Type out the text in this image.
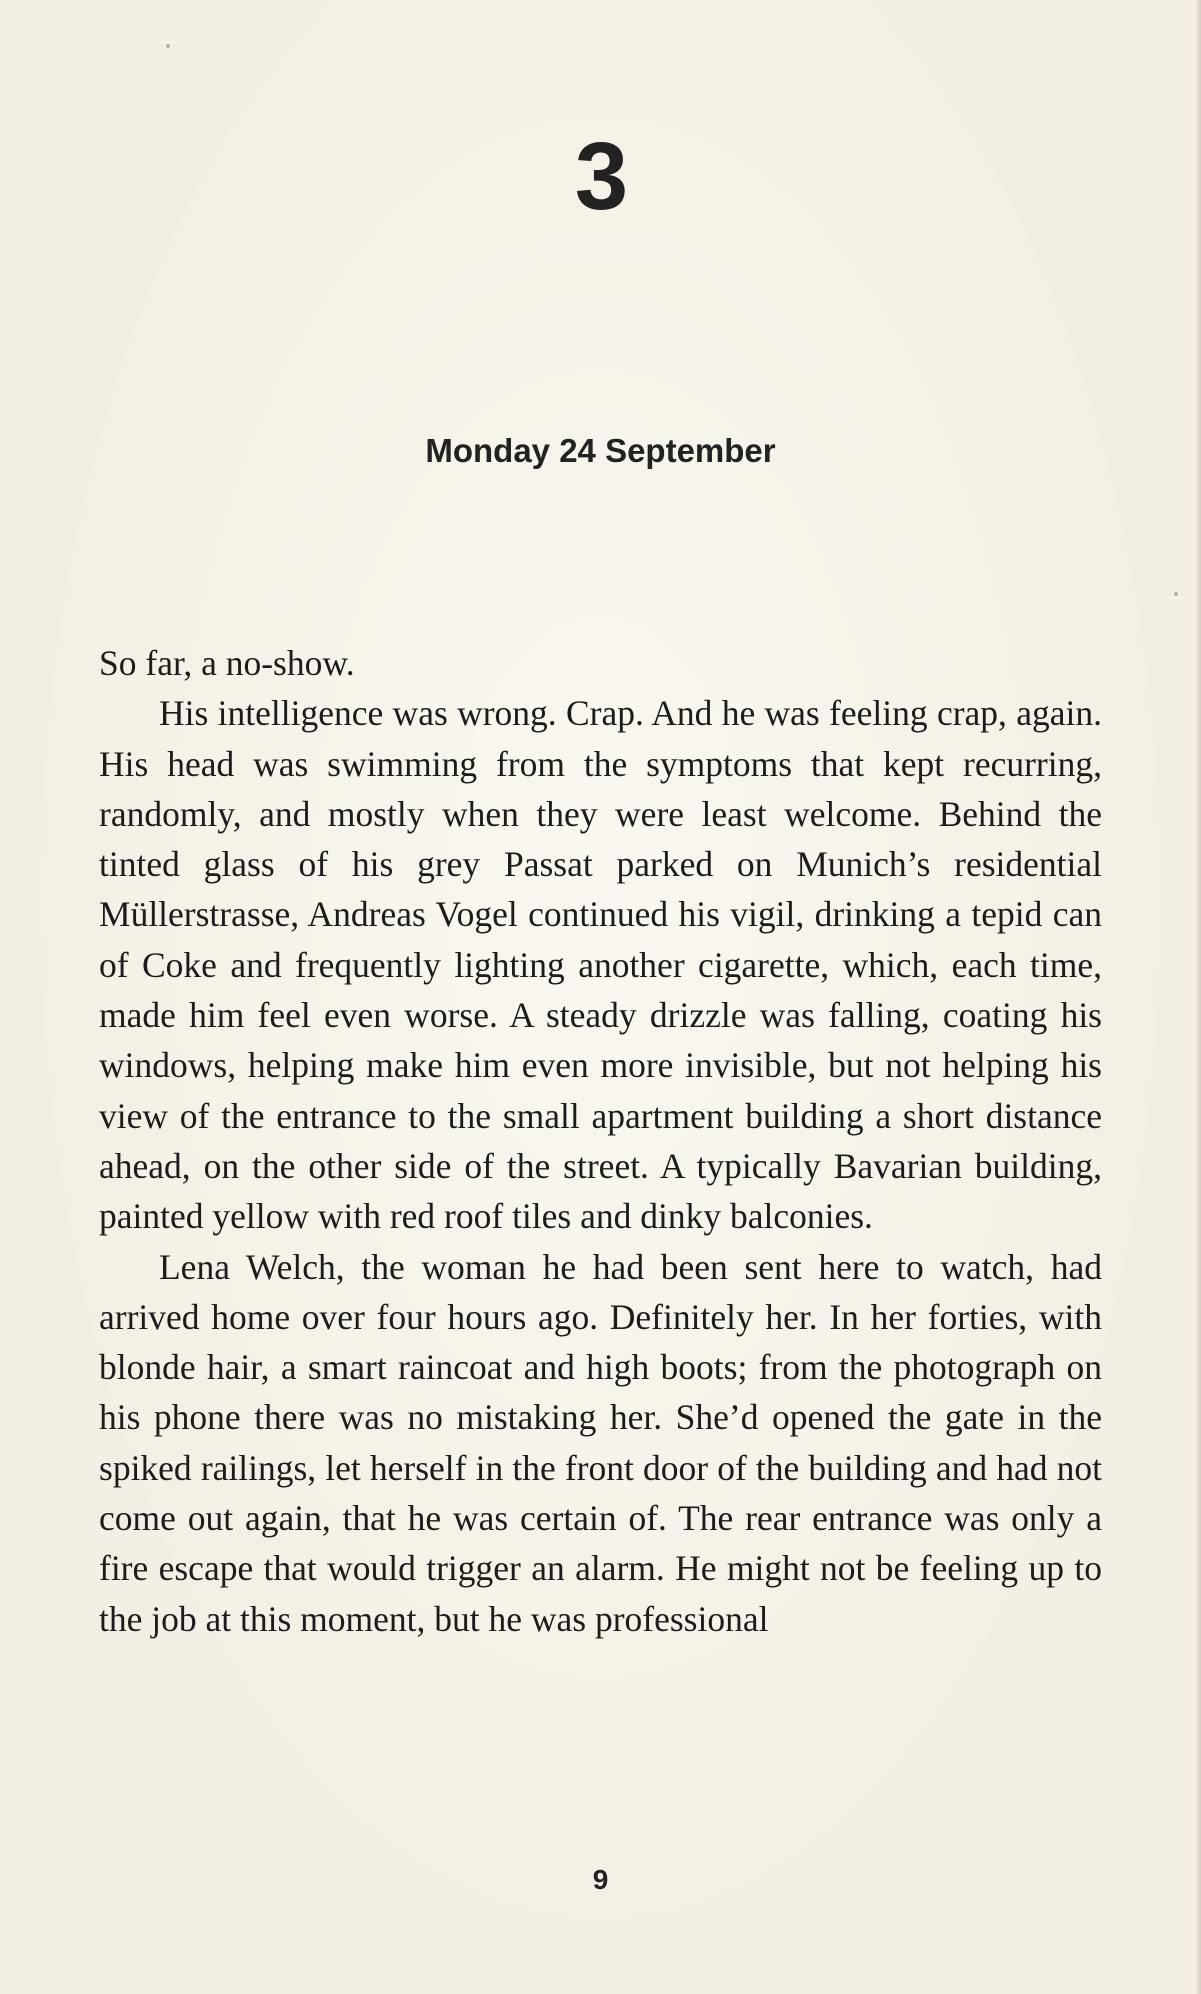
3
Monday 24 September

So far, a no-show.

His intelligence was wrong. Crap. And he was feeling crap, again. His head was swimming from the symptoms that kept recurring, randomly, and mostly when they were least welcome. Behind the tinted glass of his grey Passat parked on Munich’s residential Müllerstrasse, Andreas Vogel continued his vigil, drinking a tepid can of Coke and frequently lighting another cigarette, which, each time, made him feel even worse. A steady drizzle was falling, coating his windows, helping make him even more invisible, but not helping his view of the entrance to the small apartment building a short distance ahead, on the other side of the street. A typically Bavarian building, painted yellow with red roof tiles and dinky balconies.

Lena Welch, the woman he had been sent here to watch, had arrived home over four hours ago. Definitely her. In her forties, with blonde hair, a smart raincoat and high boots; from the photograph on his phone there was no mistaking her. She’d opened the gate in the spiked railings, let herself in the front door of the building and had not come out again, that he was certain of. The rear entrance was only a fire escape that would trigger an alarm. He might not be feeling up to the job at this moment, but he was professional

9
